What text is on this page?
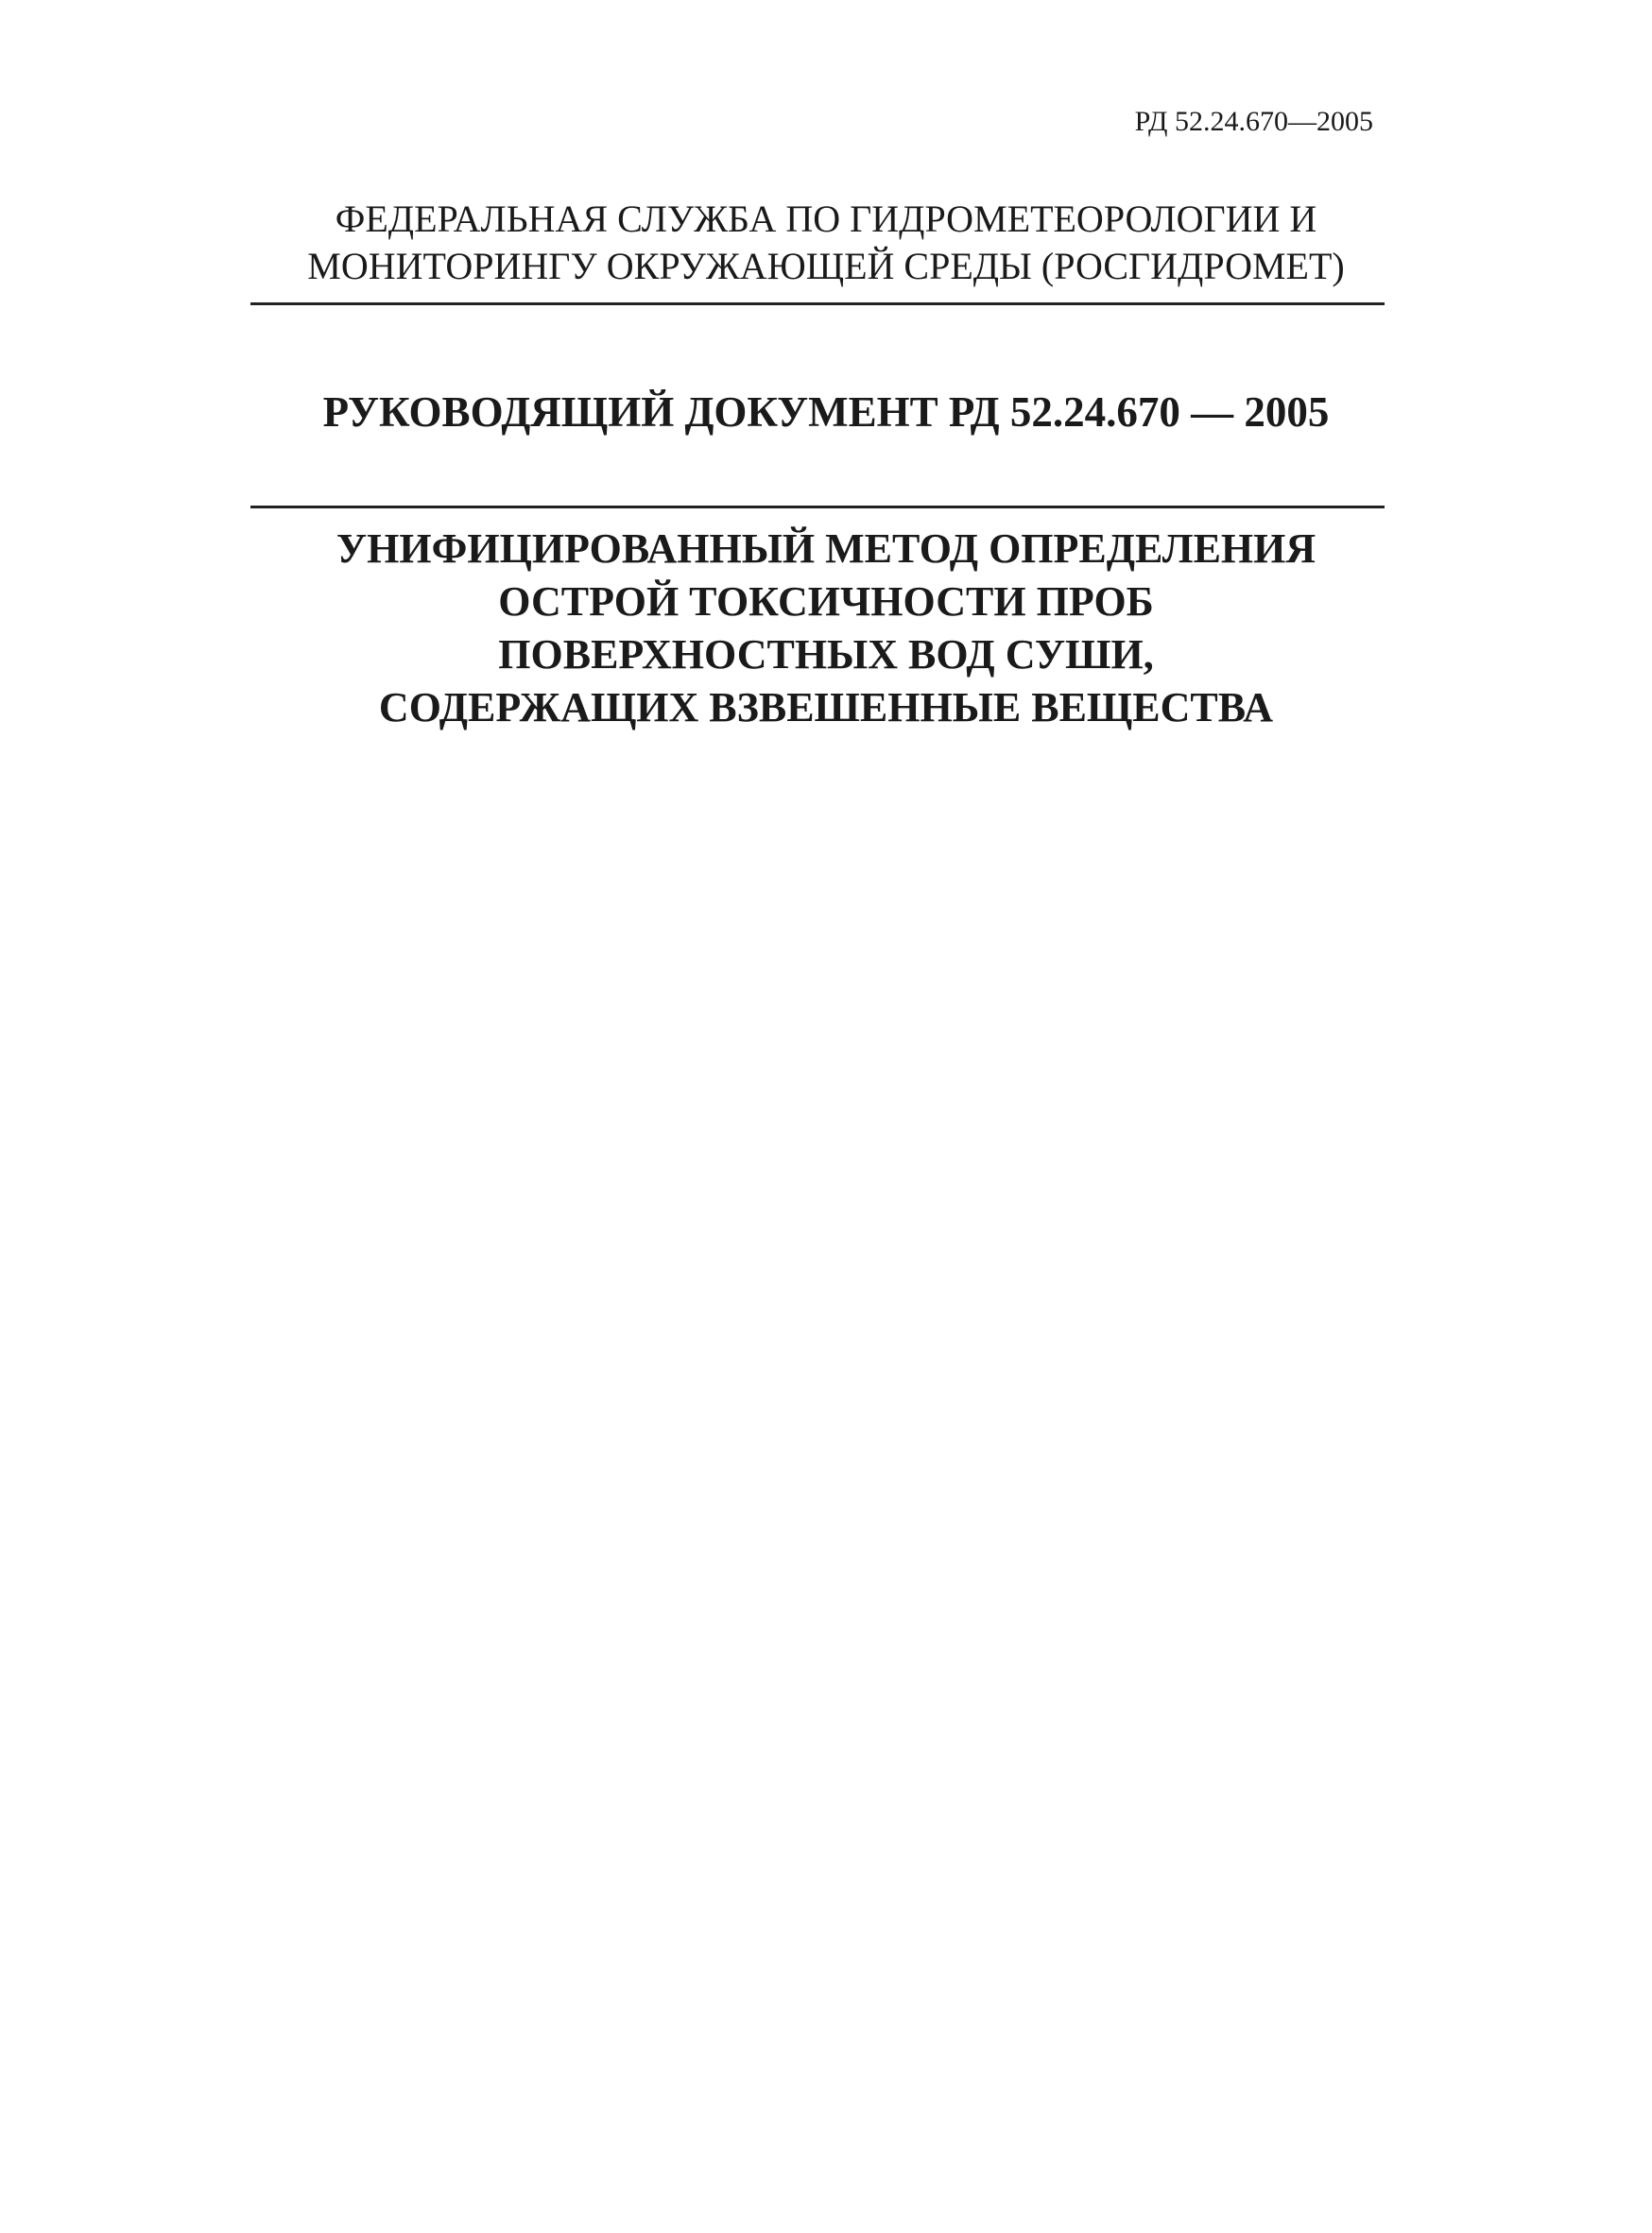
РД 52.24.670—2005
ФЕДЕРАЛЬНАЯ СЛУЖБА ПО ГИДРОМЕТЕОРОЛОГИИ И
МОНИТОРИНГУ ОКРУЖАЮЩЕЙ СРЕДЫ (РОСГИДРОМЕТ)
РУКОВОДЯЩИЙ ДОКУМЕНТ РД 52.24.670 — 2005
УНИФИЦИРОВАННЫЙ МЕТОД ОПРЕДЕЛЕНИЯ
ОСТРОЙ ТОКСИЧНОСТИ ПРОБ
ПОВЕРХНОСТНЫХ ВОД СУШИ,
СОДЕРЖАЩИХ ВЗВЕШЕННЫЕ ВЕЩЕСТВА
